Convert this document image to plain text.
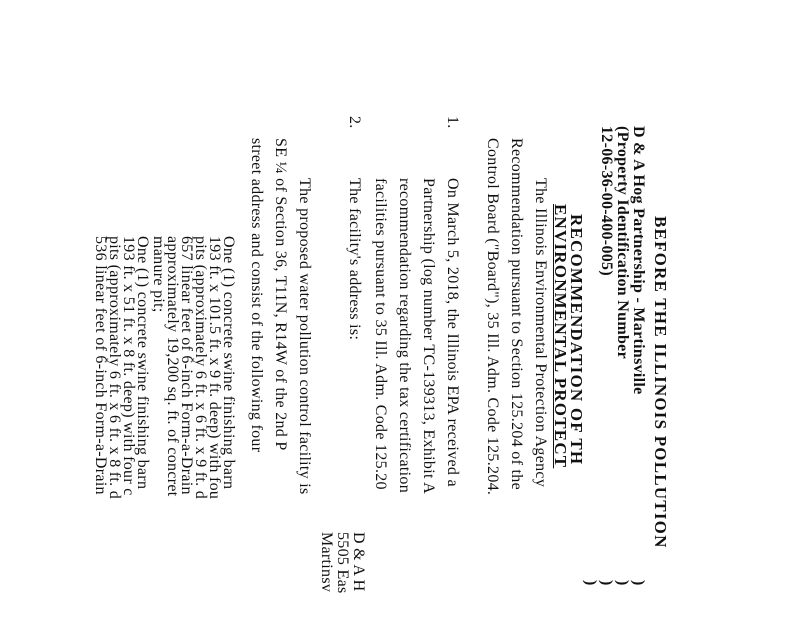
BEFORE THE ILLINOIS POLLUTION
RECOMMENDATION OF TH
ENVIRONMENTAL PROTECT	D & A Hog Partnership - Martinsville
(Property Identification Number
12-06-36-00-400-005)

)
)
)
)
The Illinois Environmental Protection Agency
Recommendation pursuant to Section 125.204 of the
Control Board ("Board"), 35 Ill. Adm. Code 125.204.
1.
On March 5, 2018, the Illinois EPA received a
Partnership (log number TC-139313, Exhibit A
recommendation regarding the tax certification
facilities pursuant to 35 Ill. Adm. Code 125.20
2.
The facility's address is:
D & A H
5505 Eas
Martinsv
The proposed water pollution control facility is
SE ¼ of Section 36, T11N, R14W of the 2nd P
street address and consist of the following four
One (1) concrete swine finishing barn
193 ft. x 101.5 ft. x 9 ft. deep) with fou
pits (approximately 6 ft. x 6 ft. x 9 ft. d
657 linear feet of 6-inch Form-a-Drain
approximately 19,200 sq. ft. of concret
manure pit;
One (1) concrete swine finishing barn
193 ft. x 51 ft. x 8 ft. deep) with four c
pits (approximately 6 ft. x 6 ft. x 8 ft. d
536 linear feet of 6-inch Form-a-Drain
